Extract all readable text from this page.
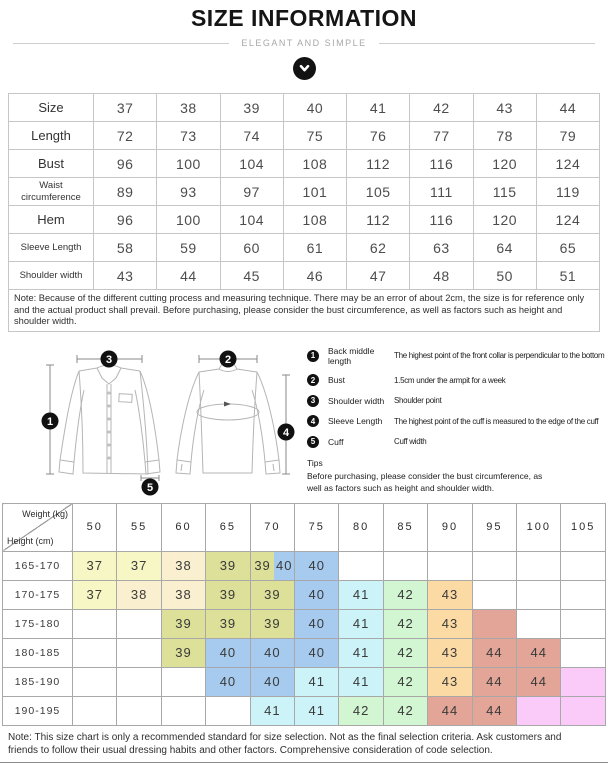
SIZE INFORMATION
ELEGANT AND SIMPLE
Size	37	38	39	40	41	42	43	44
Length	72	73	74	75	76	77	78	79
Bust	96	100	104	108	112	116	120	124
Waist circumference	89	93	97	101	105	111	115	119
Hem	96	100	104	108	112	116	120	124
Sleeve Length	58	59	60	61	62	63	64	65
Shoulder width	43	44	45	46	47	48	50	51
Note: Because of the different cutting process and measuring technique. There may be an error of about 2cm, the size is for reference only and the actual product shall prevail. Before purchasing, please consider the bust circumference, as well as factors such as height and shoulder width.								
1
3
5
2
4
1	Back middle length	The highest point of the front collar is perpendicular to the bottom
2	Bust	1.5cm under the armpit for a week
3	Shoulder width	Shoulder point
4	Sleeve Length	The highest point of the cuff is measured to the edge of the cuff
5	Cuff	Cuff width
Tips
Before purchasing, please consider the bust circumference, as well as factors such as height and shoulder width.
Weight (kg)
Height (cm)	50	55	60	65	70	75	80	85	90	95	100	105
165-170	37	37	38	39	39 40	40						
170-175	37	38	38	39	39	40	41	42	43			
175-180			39	39	39	40	41	42	43			
180-185			39	40	40	40	41	42	43	44	44	
185-190				40	40	41	41	42	43	44	44	
190-195					41	41	42	42	44	44		
Note: This size chart is only a recommended standard for size selection. Not as the final selection criteria. Ask customers and friends to follow their usual dressing habits and other factors. Comprehensive consideration of code selection.
